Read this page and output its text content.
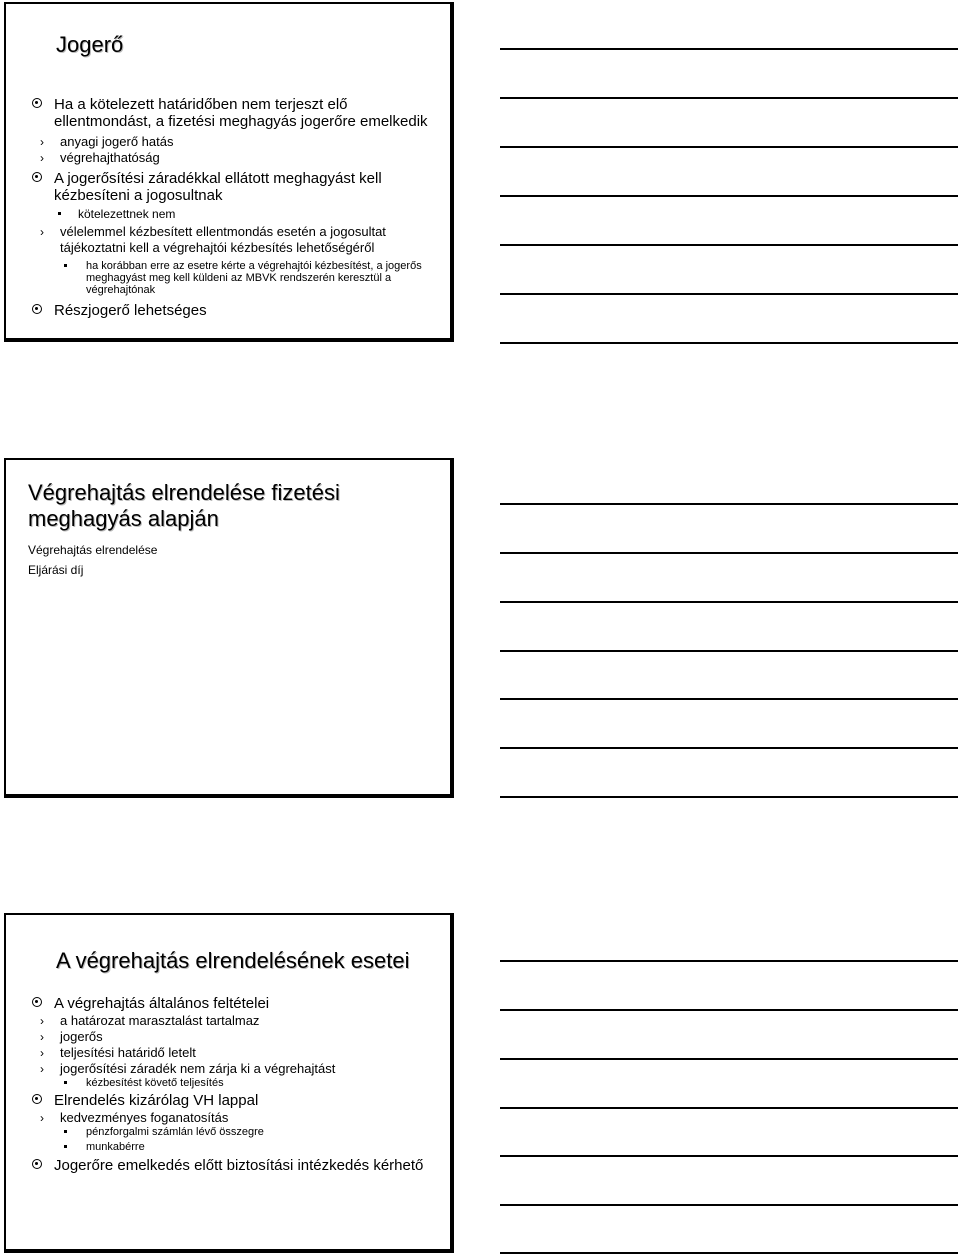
Jogerő
Ha a kötelezett határidőben nem terjeszt elő ellentmondást, a fizetési meghagyás jogerőre emelkedik
› anyagi jogerő hatás
› végrehajthatóság
A jogerősítési záradékkal ellátott meghagyást kell kézbesíteni a jogosultnak
kötelezettnek nem
› vélelemmel kézbesített ellentmondás esetén a jogosultat tájékoztatni kell a végrehajtói kézbesítés lehetőségéről
ha korábban erre az esetre kérte a végrehajtói kézbesítést, a jogerős meghagyást meg kell küldeni az MBVK rendszerén keresztül a végrehajtónak
Részjogerő lehetséges
Végrehajtás elrendelése fizetési meghagyás alapján
Végrehajtás elrendelése
Eljárási díj
A végrehajtás elrendelésének esetei
A végrehajtás általános feltételei
› a határozat marasztalást tartalmaz
› jogerős
› teljesítési határidő letelt
› jogerősítési záradék nem zárja ki a végrehajtást
kézbesítést követő teljesítés
Elrendelés kizárólag VH lappal
› kedvezményes foganatosítás
pénzforgalmi számlán lévő összegre
munkabérre
Jogerőre emelkedés előtt biztosítási intézkedés kérhető
